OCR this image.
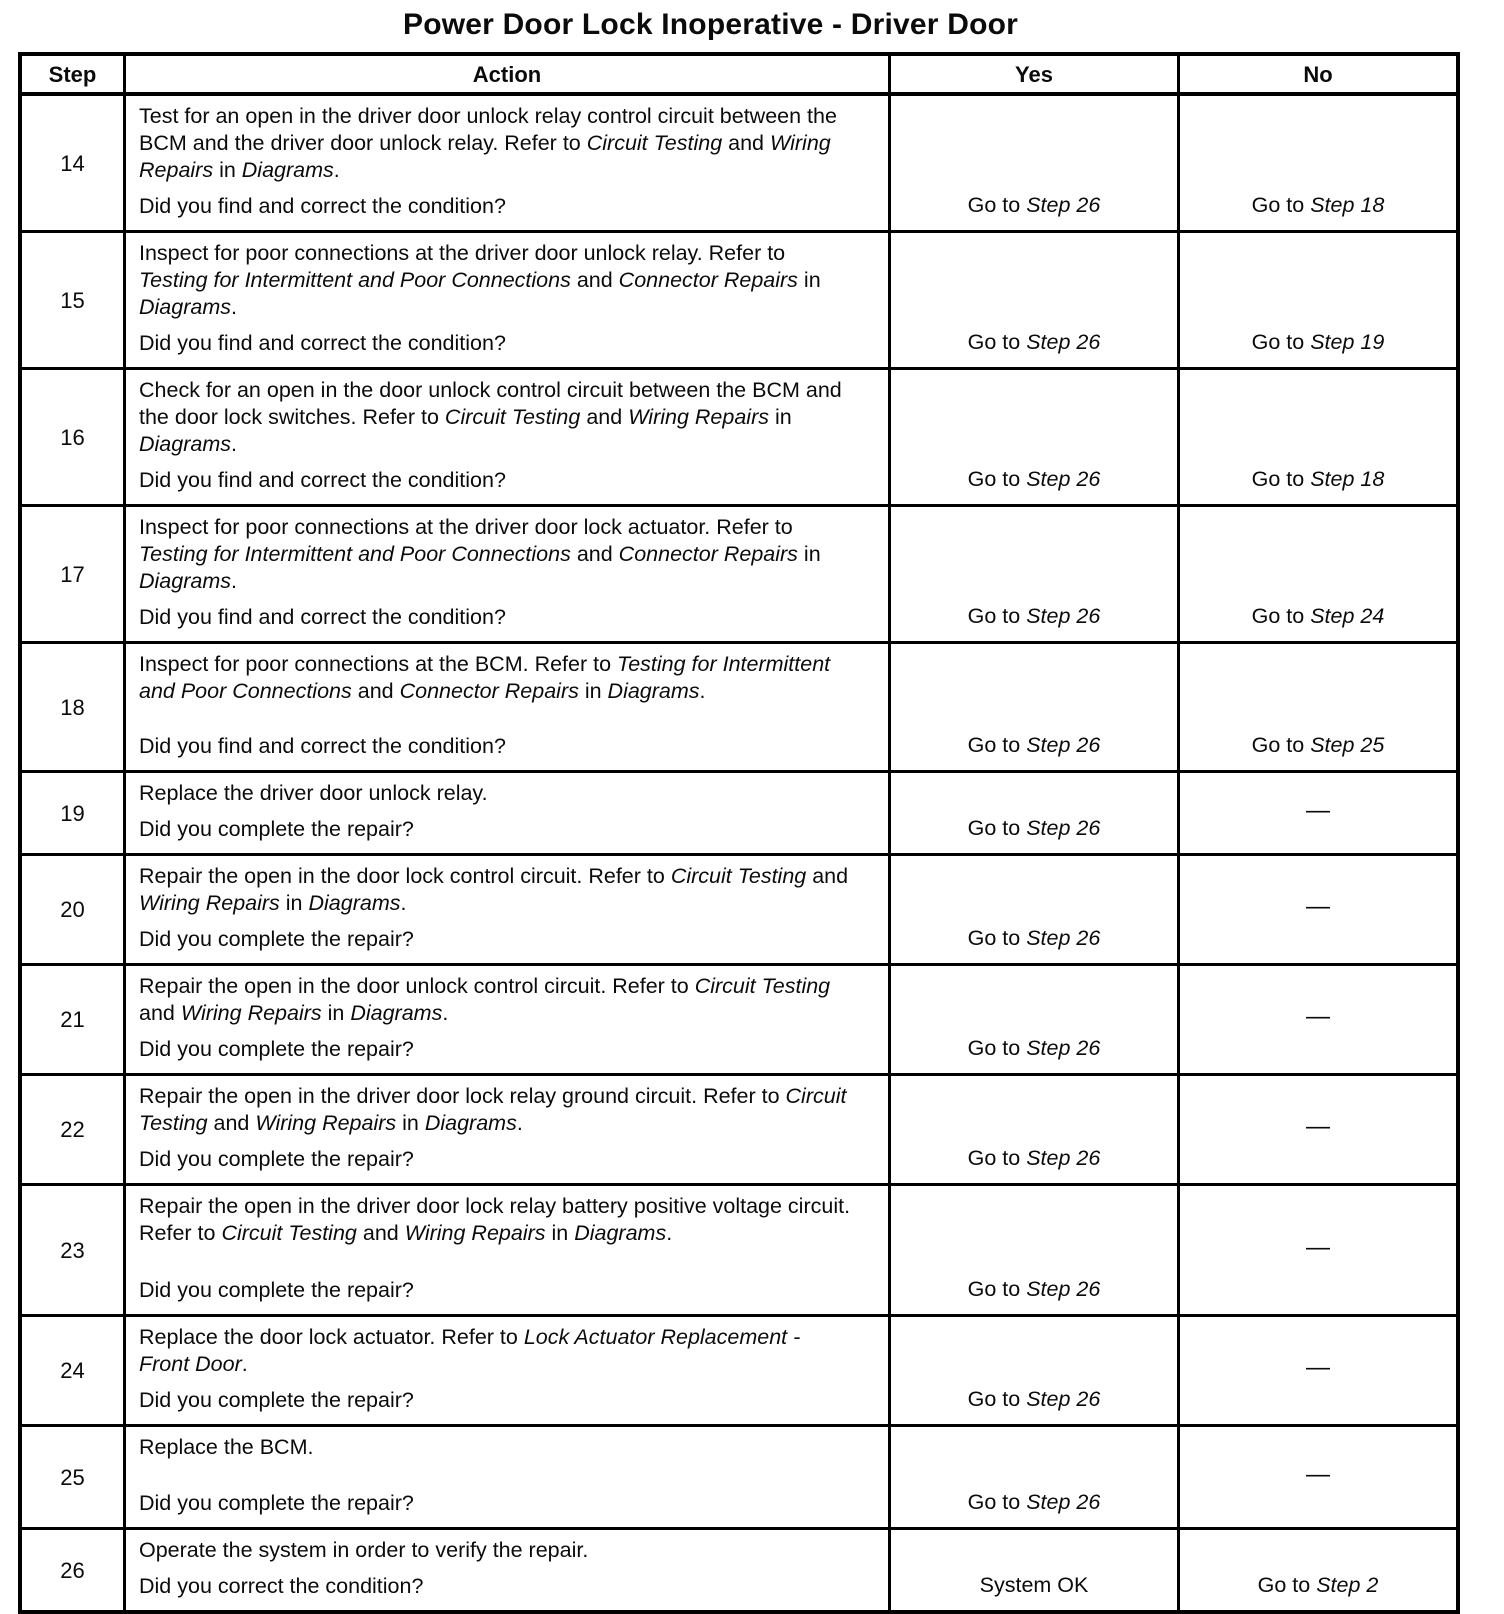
Power Door Lock Inoperative - Driver Door
Step	Action	Yes	No
14	Test for an open in the driver door unlock relay control circuit between the BCM and the driver door unlock relay. Refer to Circuit Testing and Wiring Repairs in Diagrams.
Did you find and correct the condition?	Go to Step 26	Go to Step 18

15	Inspect for poor connections at the driver door unlock relay. Refer to Testing for Intermittent and Poor Connections and Connector Repairs in Diagrams.
Did you find and correct the condition?	Go to Step 26	Go to Step 19

16	Check for an open in the door unlock control circuit between the BCM and the door lock switches. Refer to Circuit Testing and Wiring Repairs in Diagrams.
Did you find and correct the condition?	Go to Step 26	Go to Step 18

17	Inspect for poor connections at the driver door lock actuator. Refer to Testing for Intermittent and Poor Connections and Connector Repairs in Diagrams.
Did you find and correct the condition?	Go to Step 26	Go to Step 24

18	Inspect for poor connections at the BCM. Refer to Testing for Intermittent and Poor Connections and Connector Repairs in Diagrams.
Did you find and correct the condition?	Go to Step 26	Go to Step 25

19	Replace the driver door unlock relay.
Did you complete the repair?	Go to Step 26	—

20	Repair the open in the door lock control circuit. Refer to Circuit Testing and Wiring Repairs in Diagrams.
Did you complete the repair?	Go to Step 26	—

21	Repair the open in the door unlock control circuit. Refer to Circuit Testing and Wiring Repairs in Diagrams.
Did you complete the repair?	Go to Step 26	—

22	Repair the open in the driver door lock relay ground circuit. Refer to Circuit Testing and Wiring Repairs in Diagrams.
Did you complete the repair?	Go to Step 26	—

23	Repair the open in the driver door lock relay battery positive voltage circuit. Refer to Circuit Testing and Wiring Repairs in Diagrams.
Did you complete the repair?	Go to Step 26	—

24	Replace the door lock actuator. Refer to Lock Actuator Replacement - Front Door.
Did you complete the repair?	Go to Step 26	—

25	Replace the BCM.
Did you complete the repair?	Go to Step 26	—

26	Operate the system in order to verify the repair.
Did you correct the condition?	System OK	Go to Step 2
